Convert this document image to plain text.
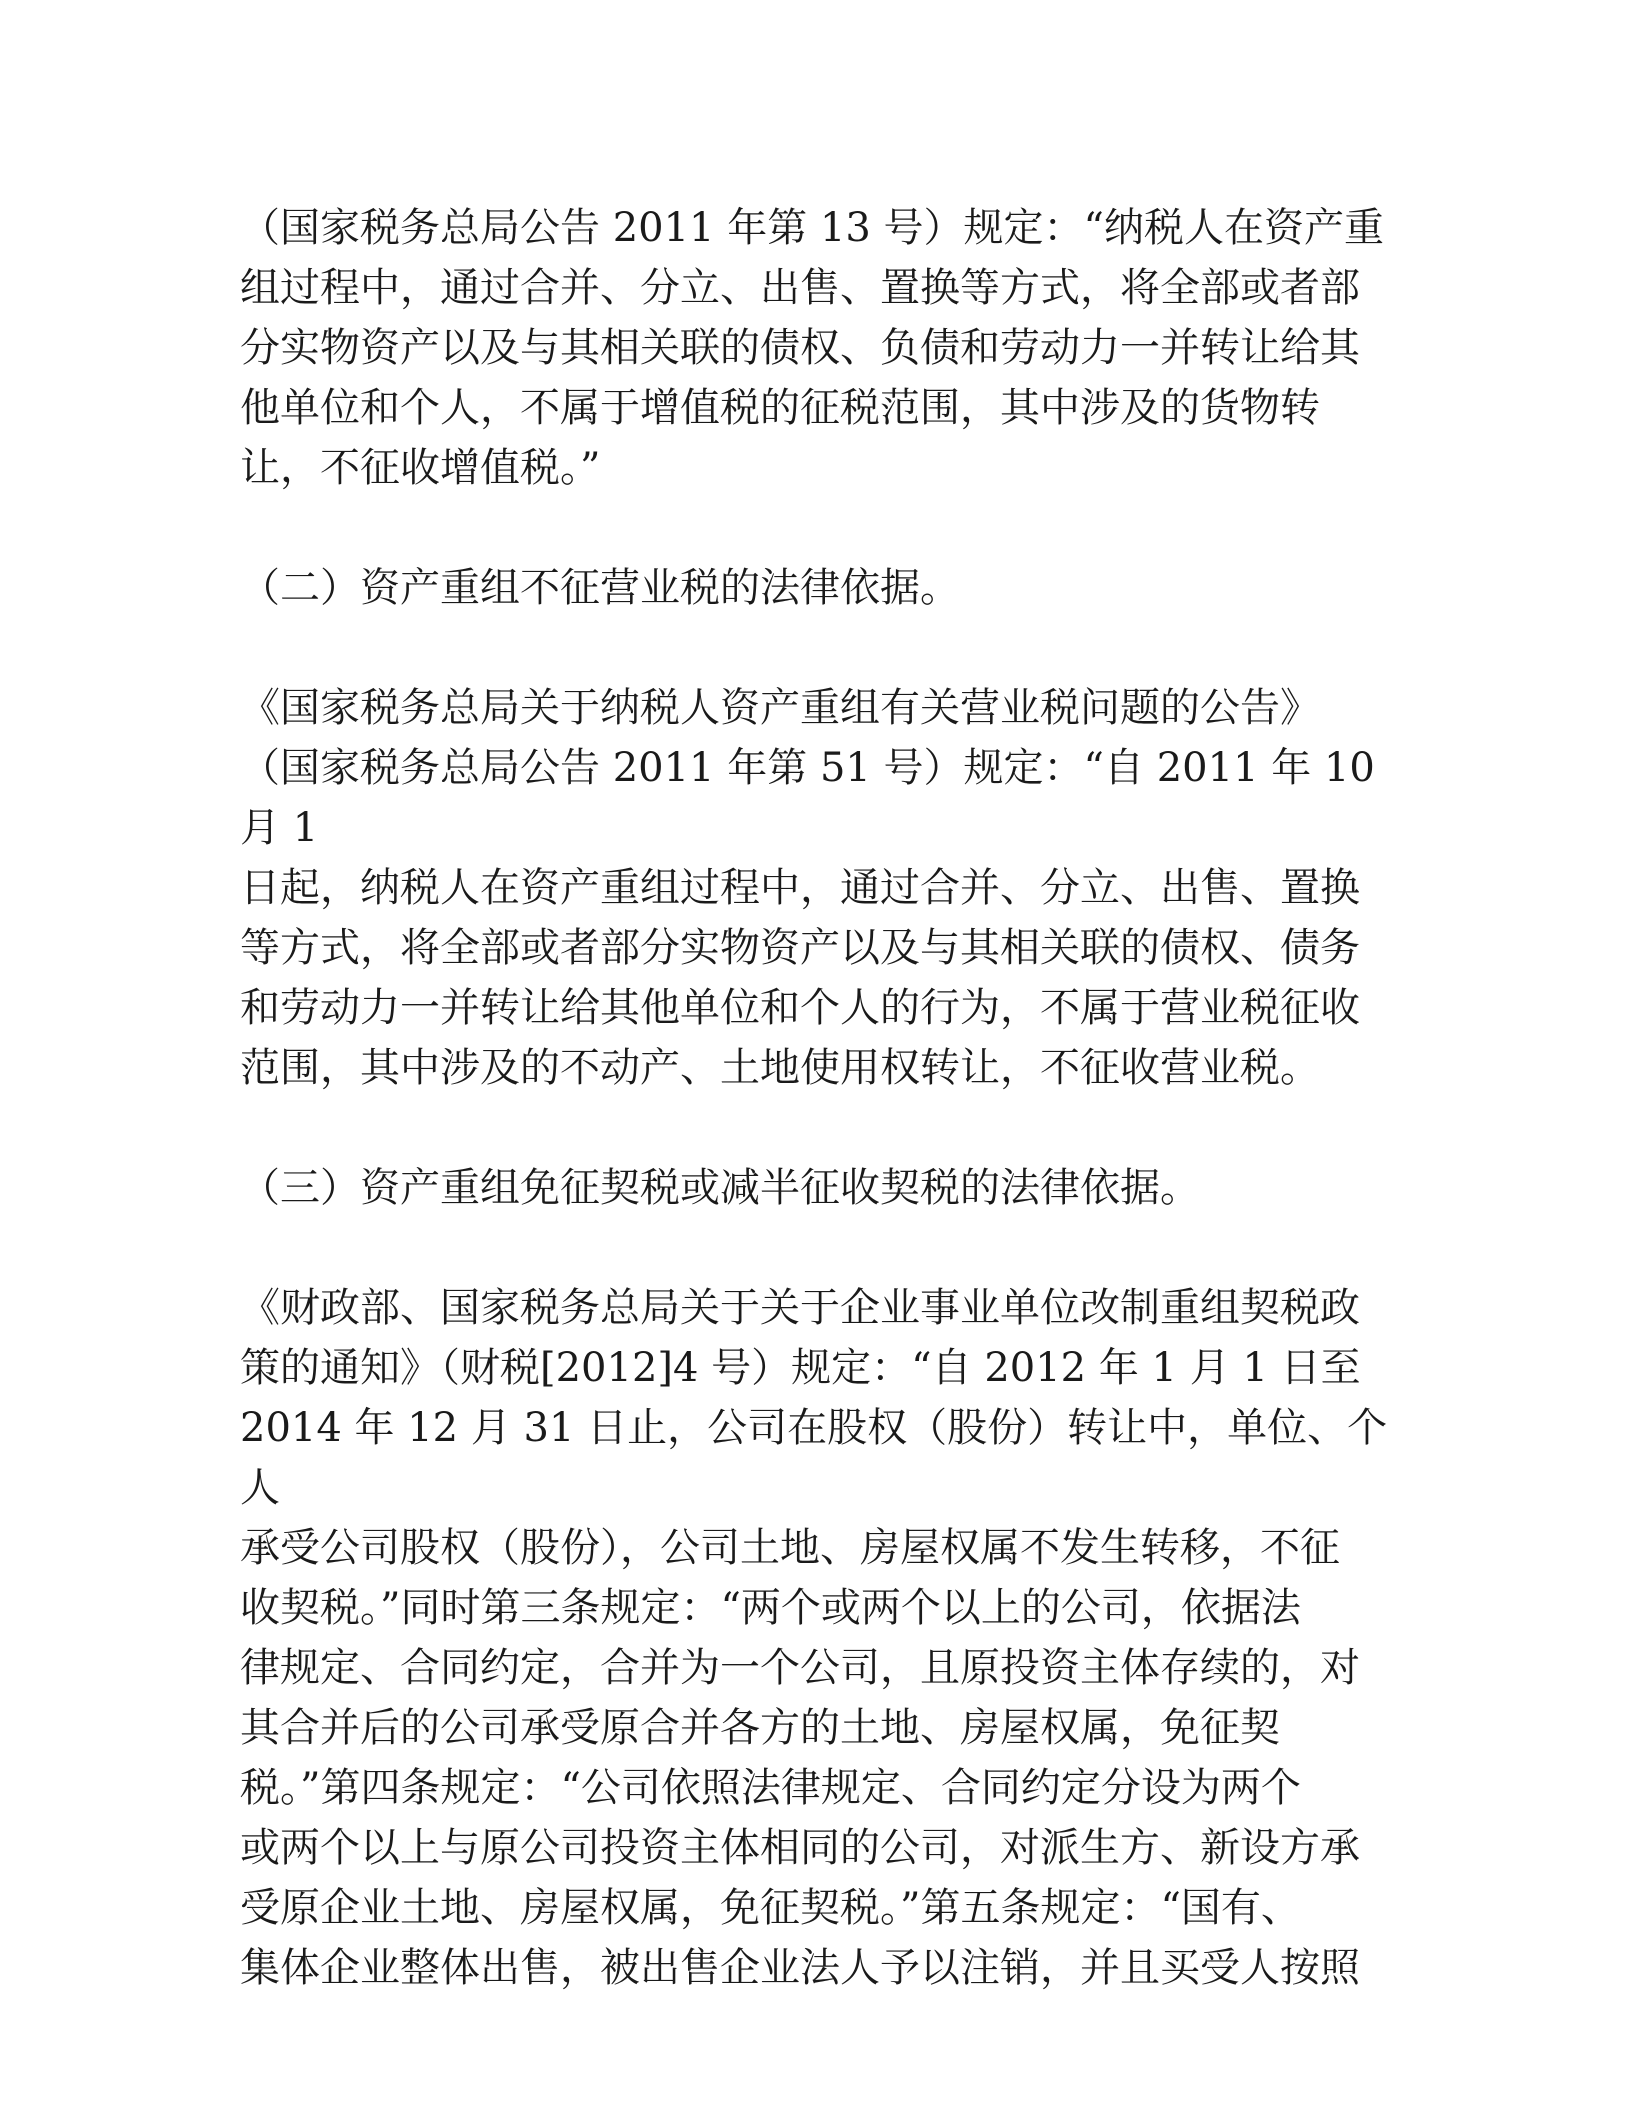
（国家税务总局公告 2011 年第 13 号）规定：“纳税人在资产重
组过程中，通过合并、分立、出售、置换等方式，将全部或者部
分实物资产以及与其相关联的债权、负债和劳动力一并转让给其
他单位和个人，不属于增值税的征税范围，其中涉及的货物转
让，不征收增值税。”

（二）资产重组不征营业税的法律依据。

《国家税务总局关于纳税人资产重组有关营业税问题的公告》
（国家税务总局公告 2011 年第 51 号）规定：“自 2011 年 10 月 1
日起，纳税人在资产重组过程中，通过合并、分立、出售、置换
等方式，将全部或者部分实物资产以及与其相关联的债权、债务
和劳动力一并转让给其他单位和个人的行为，不属于营业税征收
范围，其中涉及的不动产、土地使用权转让，不征收营业税。

（三）资产重组免征契税或减半征收契税的法律依据。

《财政部、国家税务总局关于关于企业事业单位改制重组契税政
策的通知》（财税[2012]4 号）规定：“自 2012 年 1 月 1 日至
2014 年 12 月 31 日止，公司在股权（股份）转让中，单位、个人
承受公司股权（股份），公司土地、房屋权属不发生转移，不征
收契税。”同时第三条规定：“两个或两个以上的公司，依据法
律规定、合同约定，合并为一个公司，且原投资主体存续的，对
其合并后的公司承受原合并各方的土地、房屋权属，免征契
税。”第四条规定：“公司依照法律规定、合同约定分设为两个
或两个以上与原公司投资主体相同的公司，对派生方、新设方承
受原企业土地、房屋权属，免征契税。”第五条规定：“国有、
集体企业整体出售，被出售企业法人予以注销，并且买受人按照
